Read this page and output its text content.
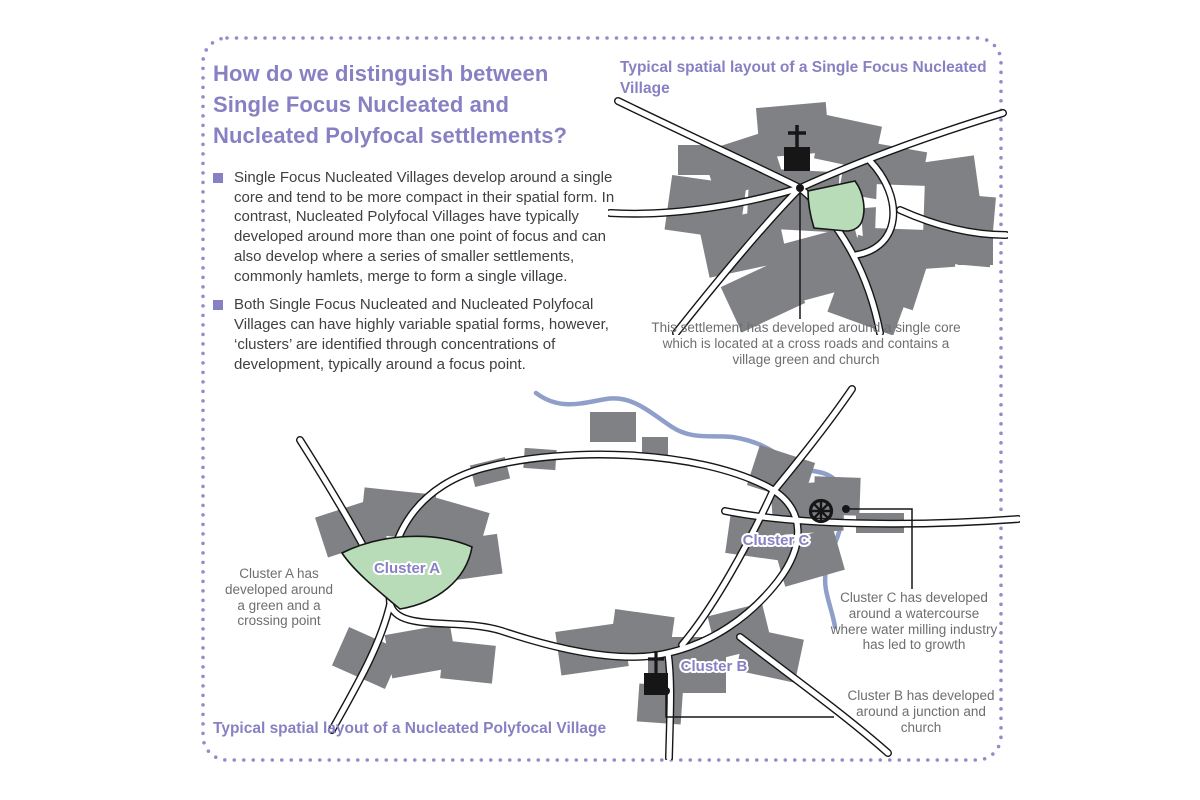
How do we distinguish between Single Focus Nucleated and Nucleated Polyfocal settlements?

Single Focus Nucleated Villages develop around a single core and tend to be more compact in their spatial form. In contrast, Nucleated Polyfocal Villages have typically developed around more than one point of focus and can also develop where a series of smaller settlements, commonly hamlets, merge to form a single village.

Both Single Focus Nucleated and Nucleated Polyfocal Villages can have highly variable spatial forms, however, ‘clusters’ are identified through concentrations of development, typically around a focus point.

Typical spatial layout of a Single Focus Nucleated Village
This settlement has developed around a single core which is located at a cross roads and contains a village green and church
Cluster A
Cluster B
Cluster C
Cluster A has developed around a green and a crossing point
Cluster C has developed around a watercourse where water milling industry has led to growth
Cluster B has developed around a junction and church
Typical spatial layout of a Nucleated Polyfocal Village
